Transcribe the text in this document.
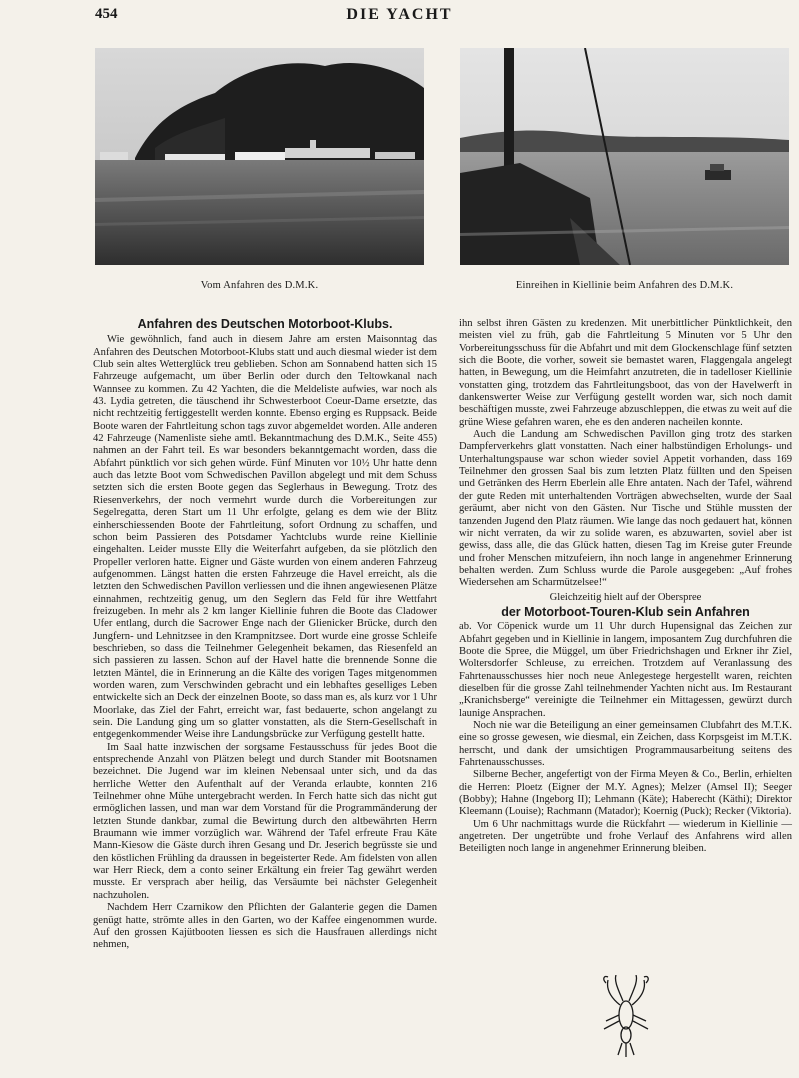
454	DIE YACHT
Vom Anfahren des D.M.K.	Einreihen in Kiellinie beim Anfahren des D.M.K.
Anfahren des Deutschen Motorboot-Klubs.

Wie gewöhnlich, fand auch in diesem Jahre am ersten Maisonntag das Anfahren des Deutschen Motorboot-Klubs statt und auch diesmal wieder ist dem Club sein altes Wetterglück treu geblieben. Schon am Sonnabend hatten sich 15 Fahrzeuge aufgemacht, um über Berlin oder durch den Teltowkanal nach Wannsee zu kommen. Zu 42 Yachten, die die Meldeliste aufwies, war noch als 43. Lydia getreten, die täuschend ihr Schwesterboot Coeur-Dame ersetzte, das nicht rechtzeitig fertiggestellt werden konnte. Ebenso erging es Ruppsack. Beide Boote waren der Fahrtleitung schon tags zuvor abgemeldet worden. Alle anderen 42 Fahrzeuge (Namenliste siehe amtl. Bekanntmachung des D.M.K., Seite 455) nahmen an der Fahrt teil. Es war besonders bekanntgemacht worden, dass die Abfahrt pünktlich vor sich gehen würde. Fünf Minuten vor 10½ Uhr hatte denn auch das letzte Boot vom Schwedischen Pavillon abgelegt und mit dem Schuss setzten sich die ersten Boote gegen das Seglerhaus in Bewegung. Trotz des Riesenverkehrs, der noch vermehrt wurde durch die Vorbereitungen zur Segelregatta, deren Start um 11 Uhr erfolgte, gelang es dem wie der Blitz einherschiessenden Boote der Fahrtleitung, sofort Ordnung zu schaffen, und schon beim Passieren des Potsdamer Yachtclubs wurde reine Kiellinie eingehalten. Leider musste Elly die Weiterfahrt aufgeben, da sie plötzlich den Propeller verloren hatte. Eigner und Gäste wurden von einem anderen Fahrzeug aufgenommen. Längst hatten die ersten Fahrzeuge die Havel erreicht, als die letzten den Schwedischen Pavillon verliessen und die ihnen angewiesenen Plätze einnahmen, rechtzeitig genug, um den Seglern das Feld für ihre Wettfahrt freizugeben. In mehr als 2 km langer Kiellinie fuhren die Boote das Cladower Ufer entlang, durch die Sacrower Enge nach der Glienicker Brücke, durch den Jungfern- und Lehnitzsee in den Krampnitzsee. Dort wurde eine grosse Schleife beschrieben, so dass die Teilnehmer Gelegenheit bekamen, das Riesenfeld an sich passieren zu lassen. Schon auf der Havel hatte die brennende Sonne die letzten Mäntel, die in Erinnerung an die Kälte des vorigen Tages mitgenommen worden waren, zum Verschwinden gebracht und ein lebhaftes geselliges Leben entwickelte sich an Deck der einzelnen Boote, so dass man es, als kurz vor 1 Uhr Moorlake, das Ziel der Fahrt, erreicht war, fast bedauerte, schon angelangt zu sein. Die Landung ging um so glatter vonstatten, als die Stern-Gesellschaft in entgegenkommender Weise ihre Landungsbrücke zur Verfügung gestellt hatte.

Im Saal hatte inzwischen der sorgsame Festausschuss für jedes Boot die entsprechende Anzahl von Plätzen belegt und durch Stander mit Bootsnamen bezeichnet. Die Jugend war im kleinen Nebensaal unter sich, und da das herrliche Wetter den Aufenthalt auf der Veranda erlaubte, konnten 216 Teilnehmer ohne Mühe untergebracht werden. In Ferch hatte sich das nicht gut ermöglichen lassen, und man war dem Vorstand für die Programmänderung der letzten Stunde dankbar, zumal die Bewirtung durch den altbewährten Herrn Braumann wie immer vorzüglich war. Während der Tafel erfreute Frau Käte Mann-Kiesow die Gäste durch ihren Gesang und Dr. Jeserich begrüsste sie und den köstlichen Frühling da draussen in begeisterter Rede. Am fidelsten von allen war Herr Rieck, dem a conto seiner Erkältung ein freier Tag gewährt werden musste. Er versprach aber heilig, das Versäumte bei nächster Gelegenheit nachzuholen.

Nachdem Herr Czarnikow den Pflichten der Galanterie gegen die Damen genügt hatte, strömte alles in den Garten, wo der Kaffee eingenommen wurde. Auf den grossen Kajütbooten liessen es sich die Hausfrauen allerdings nicht nehmen,

ihn selbst ihren Gästen zu kredenzen. Mit unerbittlicher Pünktlichkeit, den meisten viel zu früh, gab die Fahrtleitung 5 Minuten vor 5 Uhr den Vorbereitungsschuss für die Abfahrt und mit dem Glockenschlage fünf setzten sich die Boote, die vorher, soweit sie bemastet waren, Flaggengala angelegt hatten, in Bewegung, um die Heimfahrt anzutreten, die in tadelloser Kiellinie vonstatten ging, trotzdem das Fahrtleitungsboot, das von der Havelwerft in dankenswerter Weise zur Verfügung gestellt worden war, sich noch damit beschäftigen musste, zwei Fahrzeuge abzuschleppen, die etwas zu weit auf die grüne Wiese gefahren waren, ehe es den anderen nacheilen konnte.

Auch die Landung am Schwedischen Pavillon ging trotz des starken Dampferverkehrs glatt vonstatten. Nach einer halbstündigen Erholungs- und Unterhaltungspause war schon wieder soviel Appetit vorhanden, dass 169 Teilnehmer den grossen Saal bis zum letzten Platz füllten und den Speisen und Getränken des Herrn Eberlein alle Ehre antaten. Nach der Tafel, während der gute Reden mit unterhaltenden Vorträgen abwechselten, wurde der Saal geräumt, aber nicht von den Gästen. Nur Tische und Stühle mussten der tanzenden Jugend den Platz räumen. Wie lange das noch gedauert hat, können wir nicht verraten, da wir zu solide waren, es abzuwarten, soviel aber ist gewiss, dass alle, die das Glück hatten, diesen Tag im Kreise guter Freunde und froher Menschen mitzufeiern, ihn noch lange in angenehmer Erinnerung behalten werden. Zum Schluss wurde die Parole ausgegeben: „Auf frohes Wiedersehen am Scharmützelsee!“

Gleichzeitig hielt auf der Oberspree

der Motorboot-Touren-Klub sein Anfahren

ab. Vor Cöpenick wurde um 11 Uhr durch Hupensignal das Zeichen zur Abfahrt gegeben und in Kiellinie in langem, imposantem Zug durchfuhren die Boote die Spree, die Müggel, um über Friedrichshagen und Erkner ihr Ziel, Woltersdorfer Schleuse, zu erreichen. Trotzdem auf Veranlassung des Fahrtenausschusses hier noch neue Anlegestege hergestellt waren, reichten dieselben für die grosse Zahl teilnehmender Yachten nicht aus. Im Restaurant „Kranichsberge“ vereinigte die Teilnehmer ein Mittagessen, gewürzt durch launige Ansprachen.

Noch nie war die Beteiligung an einer gemeinsamen Clubfahrt des M.T.K. eine so grosse gewesen, wie diesmal, ein Zeichen, dass Korpsgeist im M.T.K. herrscht, und dank der umsichtigen Programmausarbeitung seitens des Fahrtenausschusses.

Silberne Becher, angefertigt von der Firma Meyen & Co., Berlin, erhielten die Herren: Ploetz (Eigner der M.Y. Agnes); Melzer (Amsel II); Seeger (Bobby); Hahne (Ingeborg II); Lehmann (Käte); Haberecht (Käthi); Direktor Kleemann (Louise); Rachmann (Matador); Koernig (Puck); Recker (Viktoria).

Um 6 Uhr nachmittags wurde die Rückfahrt — wiederum in Kiellinie — angetreten. Der ungetrübte und frohe Verlauf des Anfahrens wird allen Beteiligten noch lange in angenehmer Erinnerung bleiben.
